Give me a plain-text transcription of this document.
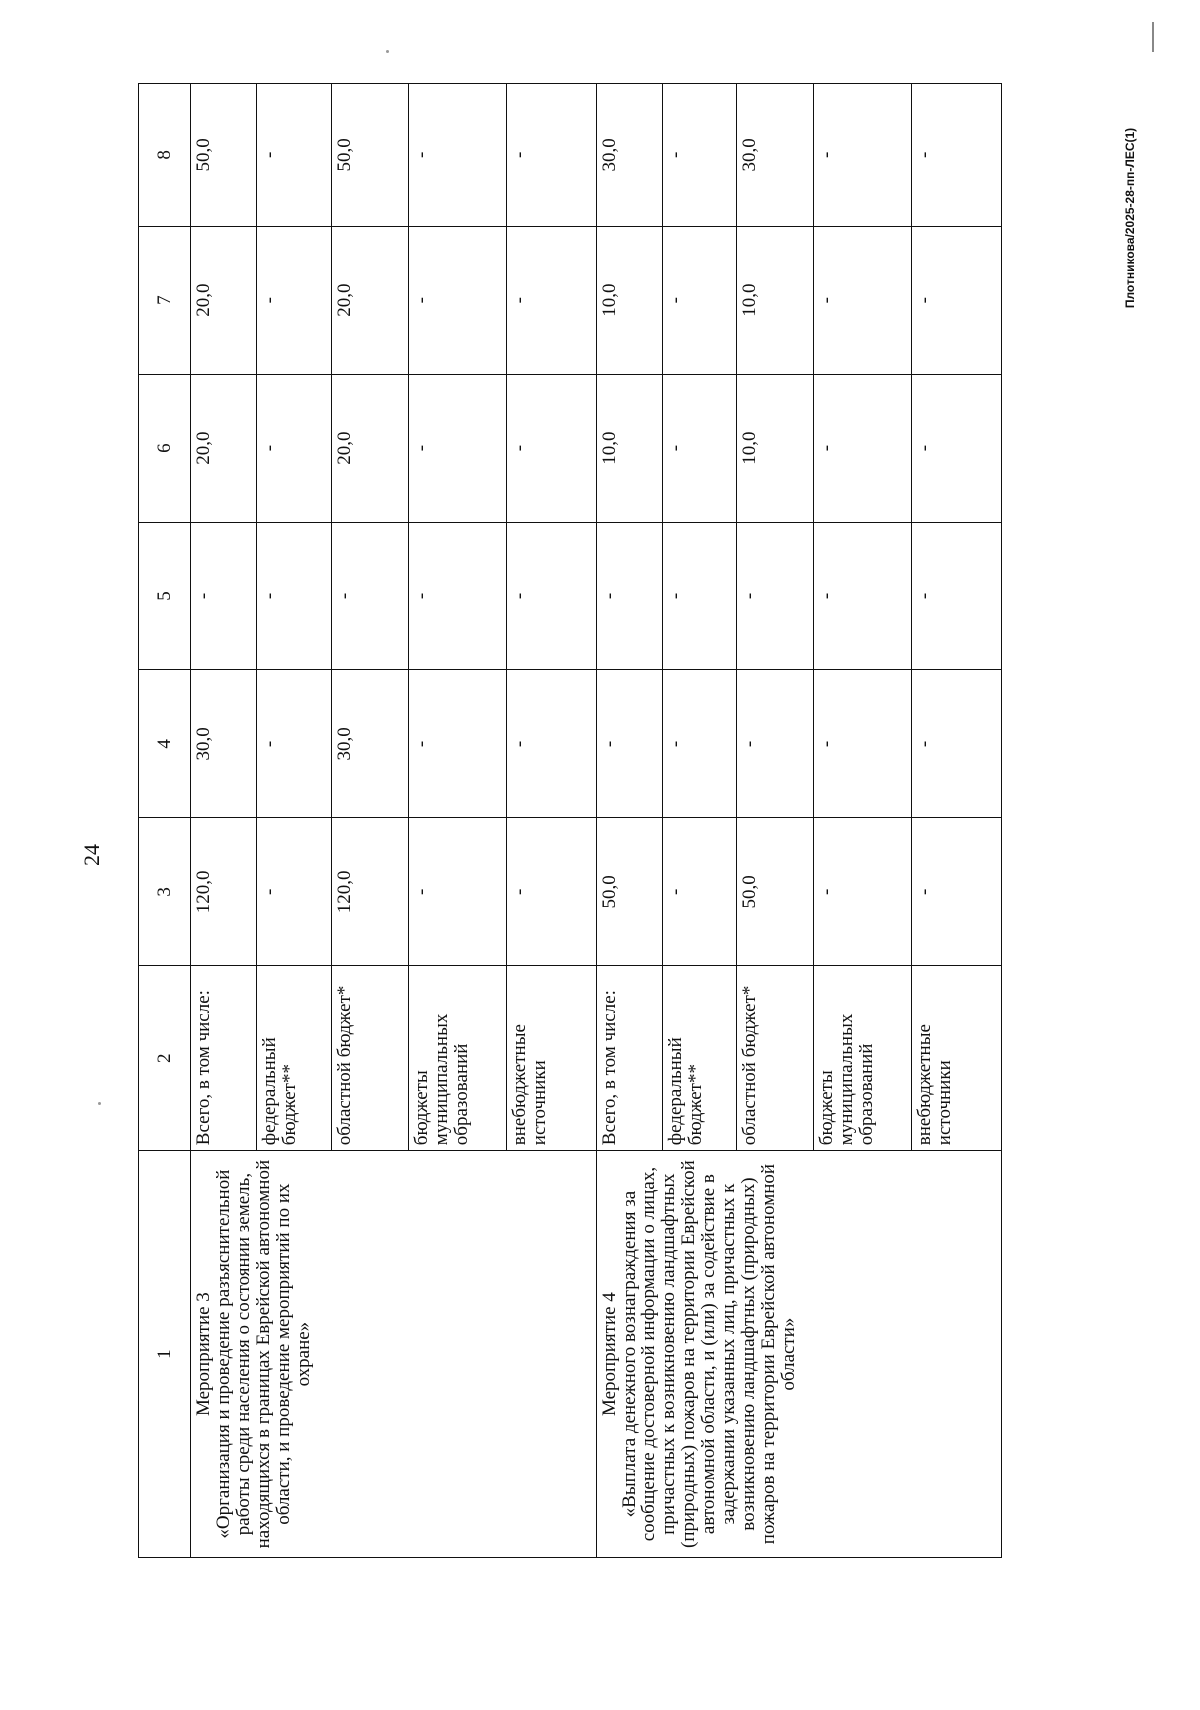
24
Плотникова/2025-28-пп-ЛЕС(1)
1	2	3	4	5	6	7	8

Мероприятие 3
«Организация и проведение разъяснительной работы среди населения о состоянии земель, находящихся в границах Еврейской автономной области, и проведение мероприятий по их охране»	Всего, в том числе:	120,0	30,0	-	20,0	20,0	50,0
	федеральный бюджет**	-	-	-	-	-	-
	областной бюджет*	120,0	30,0	-	20,0	20,0	50,0
	бюджеты муниципальных образований	-	-	-	-	-	-
	внебюджетные источники	-	-	-	-	-	-

Мероприятие 4
«Выплата денежного вознаграждения за сообщение достоверной информации о лицах, причастных к возникновению ландшафтных (природных) пожаров на территории Еврейской автономной области, и (или) за содействие в задержании указанных лиц, причастных к возникновению ландшафтных (природных) пожаров на территории Еврейской автономной области»	Всего, в том числе:	50,0	-	-	10,0	10,0	30,0
	федеральный бюджет**	-	-	-	-	-	-
	областной бюджет*	50,0	-	-	10,0	10,0	30,0
	бюджеты муниципальных образований	-	-	-	-	-	-
	внебюджетные источники	-	-	-	-	-	-
